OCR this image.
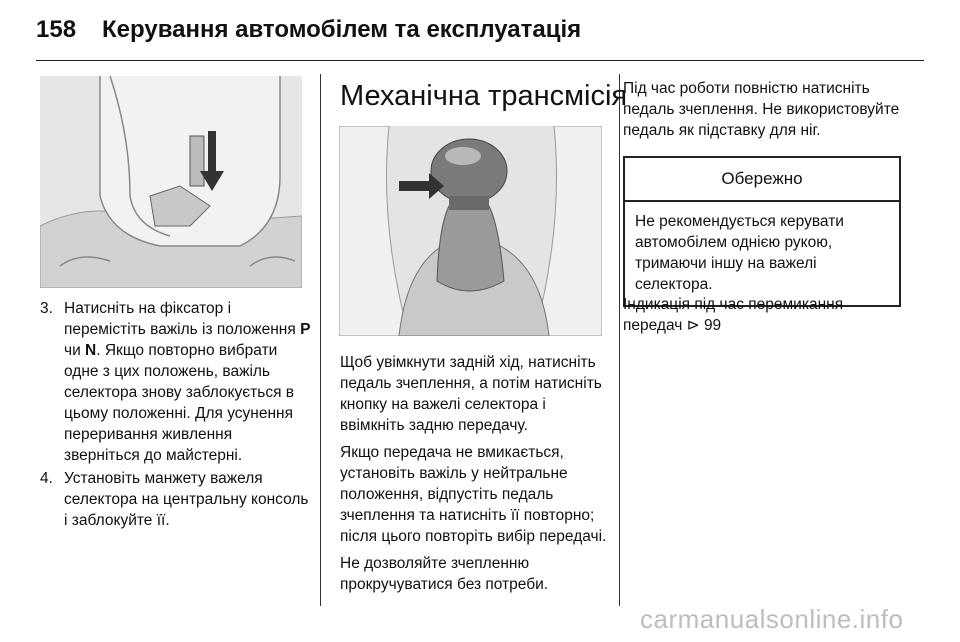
158 Керування автомобілем та експлуатація
3. Натисніть на фіксатор і перемістіть важіль із положення P чи N. Якщо повторно вибрати одне з цих положень, важіль селектора знову заблокується в цьому положенні. Для усунення переривання живлення зверніться до майстерні.
4. Установіть манжету важеля селектора на центральну консоль і заблокуйте її.
Механічна трансмісія

Щоб увімкнути задній хід, натисніть педаль зчеплення, а потім натисніть кнопку на важелі селектора і ввімкніть задню передачу.

Якщо передача не вмикається, установіть важіль у нейтральне положення, відпустіть педаль зчеплення та натисніть її повторно; після цього повторіть вибір передачі.

Не дозволяйте зчепленню прокручуватися без потреби.

Під час роботи повністю натисніть педаль зчеплення. Не використовуйте педаль як підставку для ніг.

Обережно
Не рекомендується керувати автомобілем однією рукою, тримаючи іншу на важелі селектора.

Індикація під час перемикання передач ⊳ 99

carmanualsonline.info
